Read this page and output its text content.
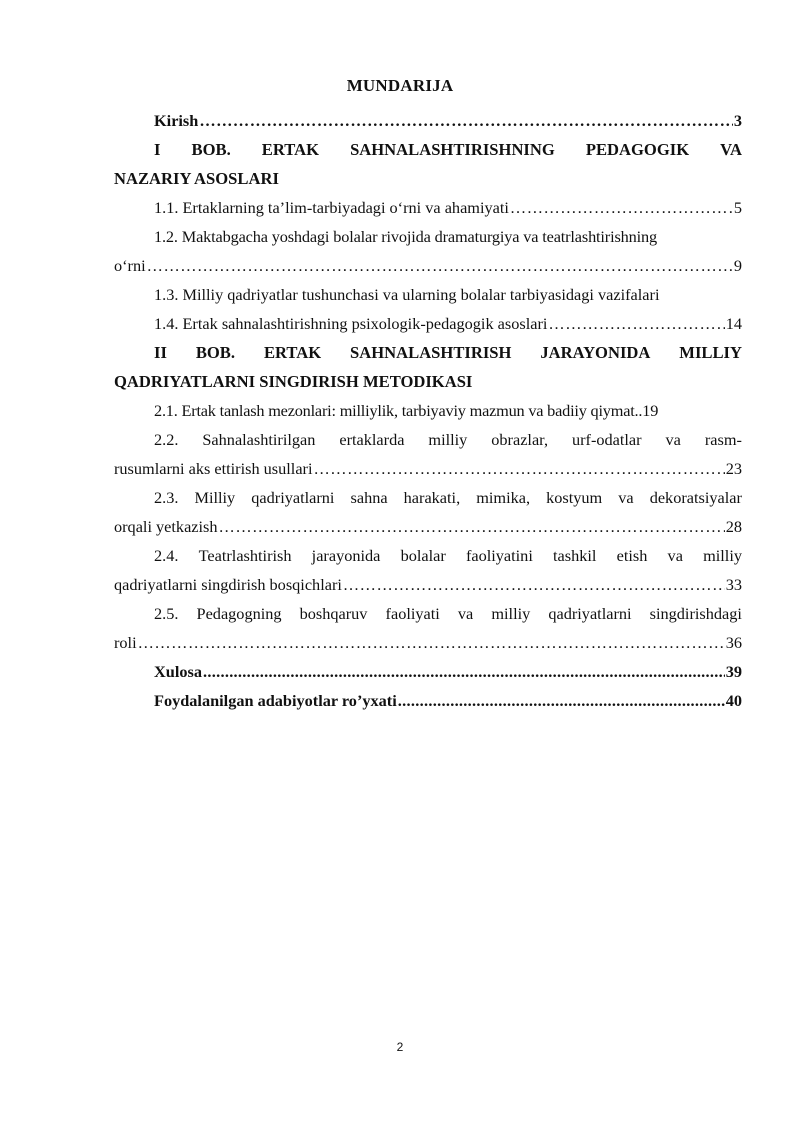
MUNDARIJA
Kirish ……………………………………………………………………………………………………………………………………………………………………	3
I BOB. ERTAK SAHNALASHTIRISHNING PEDAGOGIK VA
NAZARIY ASOSLARI
1.1. Ertaklarning ta’lim-tarbiyadagi o‘rni va ahamiyati ……………………………………………………………………………………………………………………………………………………………………	5
1.2. Maktabgacha yoshdagi bolalar rivojida dramaturgiya va teatrlashtirishning
o‘rni ……………………………………………………………………………………………………………………………………………………………………	9
1.3. Milliy qadriyatlar tushunchasi va ularning bolalar tarbiyasidagi vazifalari
1.4. Ertak sahnalashtirishning psixologik-pedagogik asoslari ……………………………………………………………………………………………………………………………………………………………………	14
II BOB. ERTAK SAHNALASHTIRISH JARAYONIDA MILLIY
QADRIYATLARNI SINGDIRISH METODIKASI
2.1. Ertak tanlash mezonlari: milliylik, tarbiyaviy mazmun va badiiy qiymat..19
2.2. Sahnalashtirilgan ertaklarda milliy obrazlar, urf-odatlar va rasm-
rusumlarni aks ettirish usullari ……………………………………………………………………………………………………………………………………………………………………	23
2.3. Milliy qadriyatlarni sahna harakati, mimika, kostyum va dekoratsiyalar
orqali yetkazish ……………………………………………………………………………………………………………………………………………………………………	28
2.4. Teatrlashtirish jarayonida bolalar faoliyatini tashkil etish va milliy
qadriyatlarni singdirish bosqichlari ……………………………………………………………………………………………………………………………………………………………………	33
2.5. Pedagogning boshqaruv faoliyati va milliy qadriyatlarni singdirishdagi
roli ……………………………………………………………………………………………………………………………………………………………………	36
Xulosa .....	39
Foydalanilgan adabiyotlar ro’yxati .....	40
2
